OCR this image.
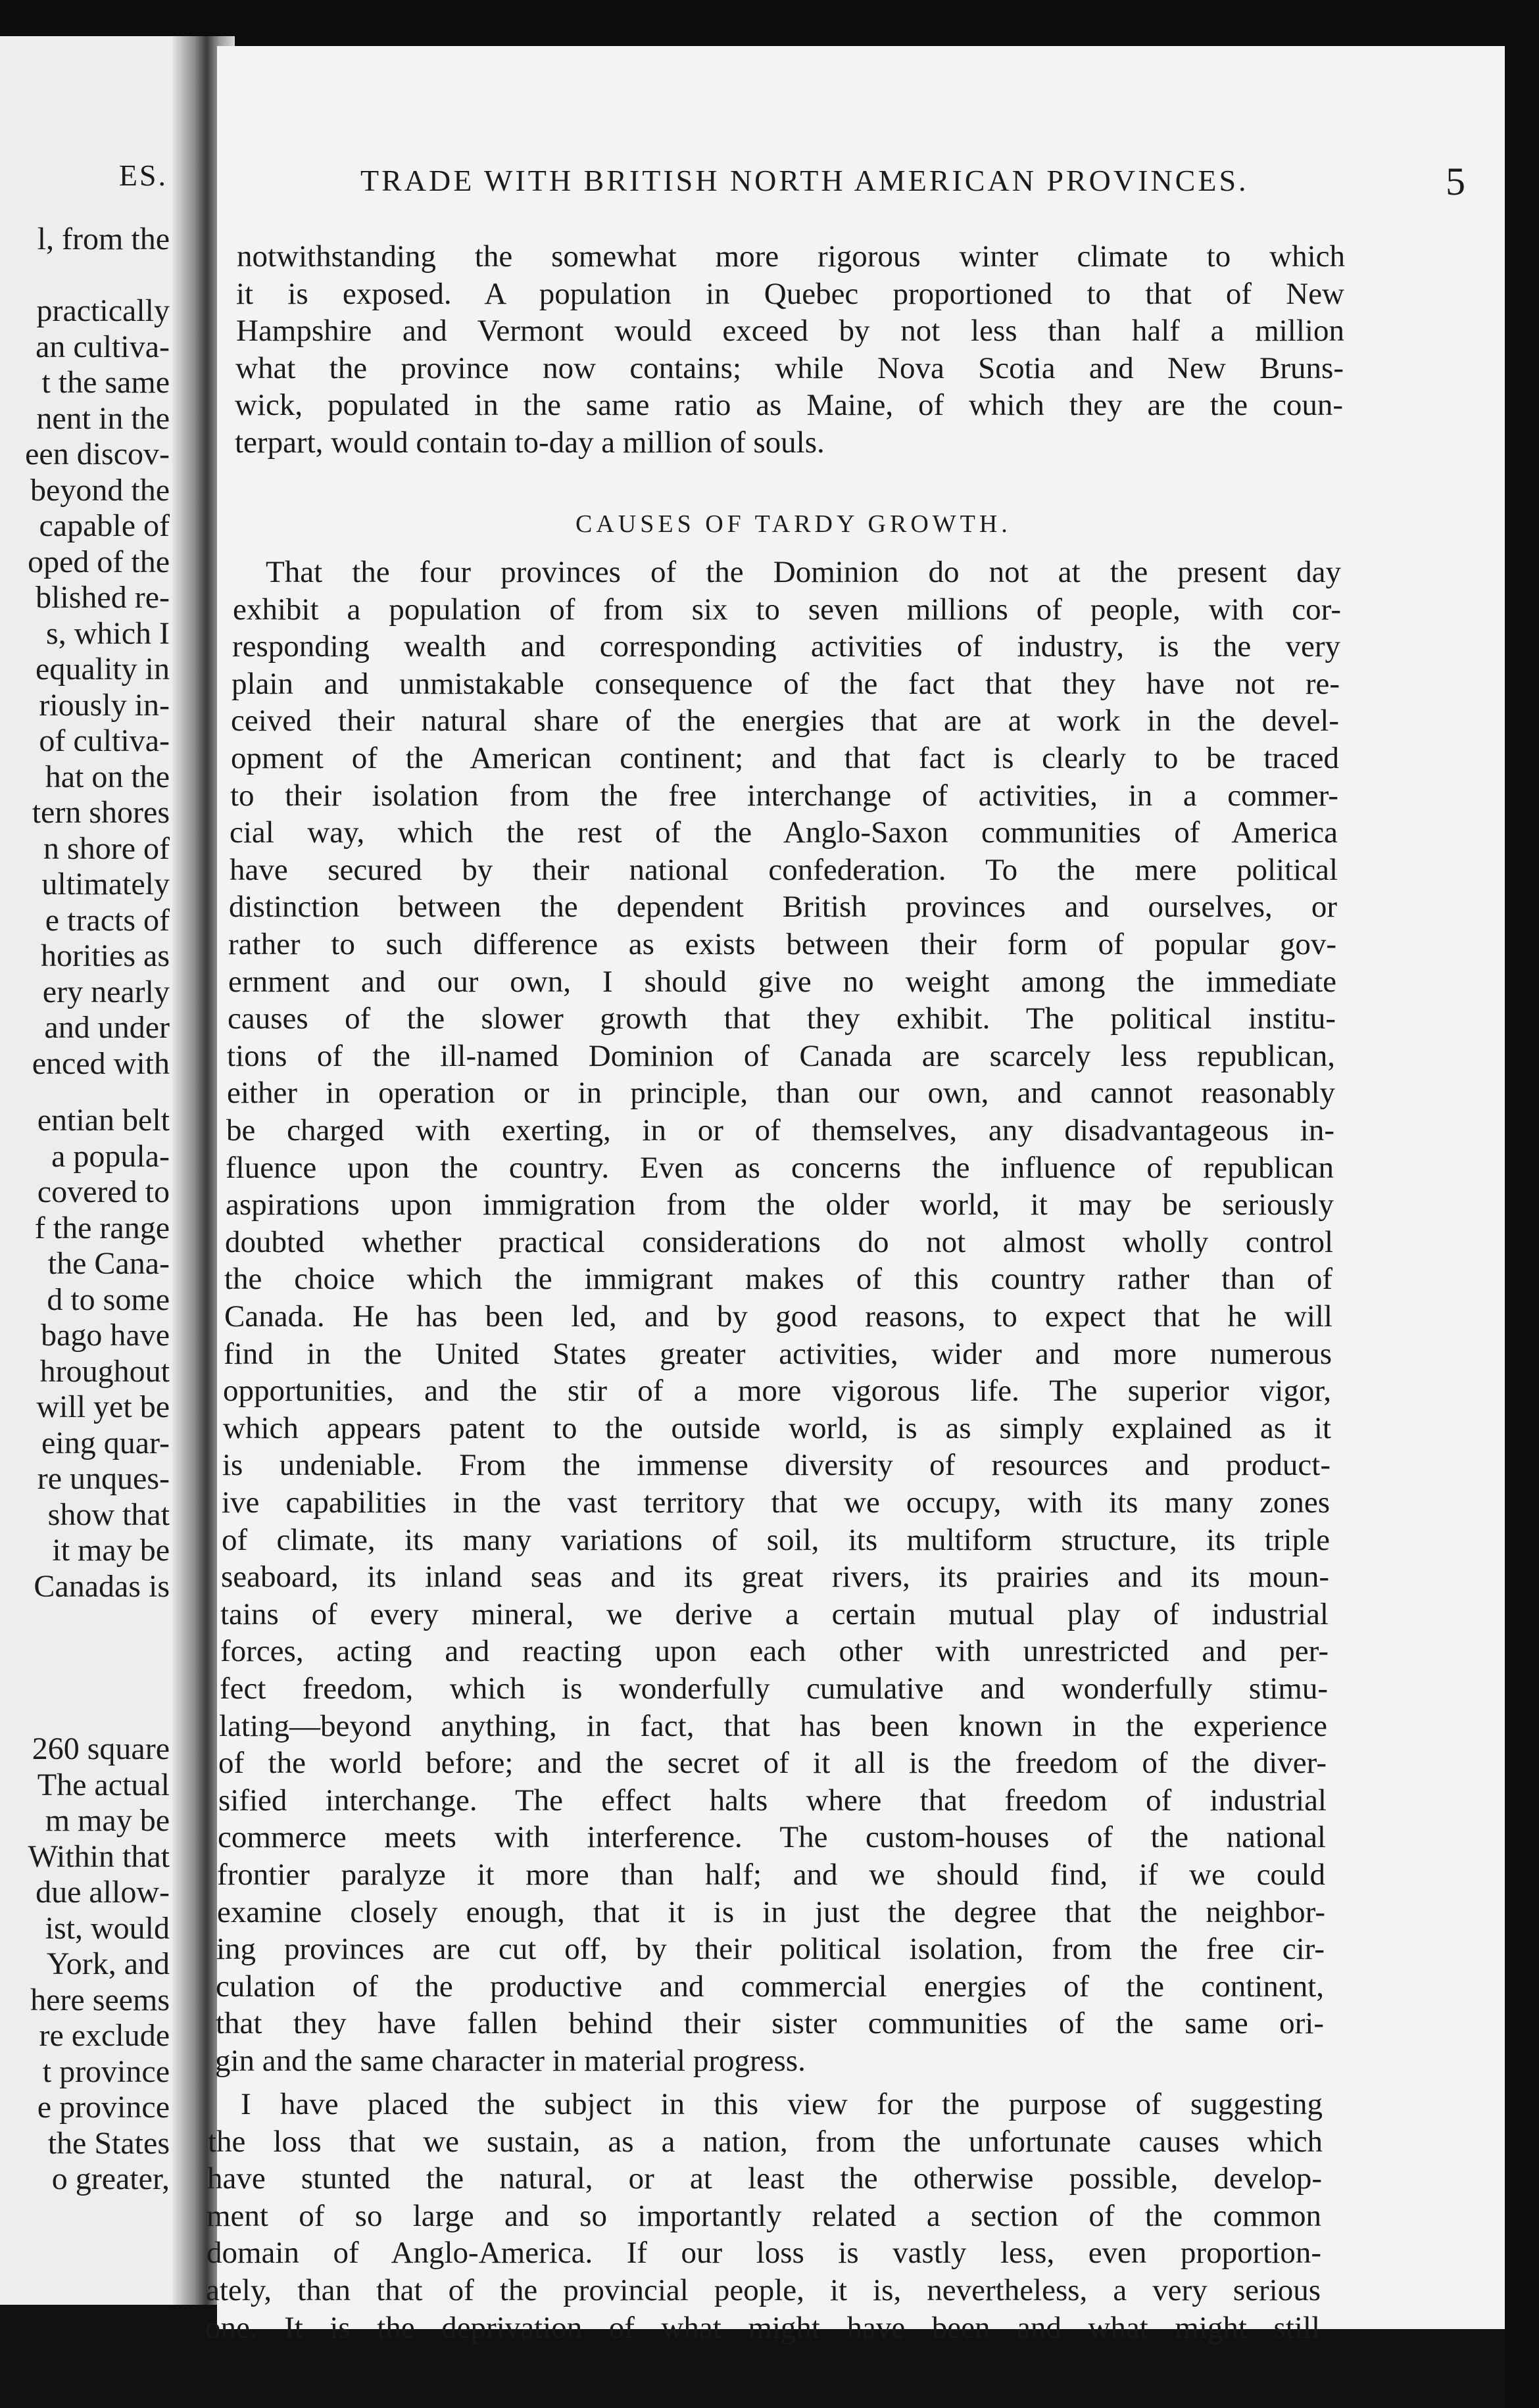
ES.
l, from the
practically
an cultiva-
t the same
nent in the
een discov-
beyond the
capable of
oped of the
blished re-
s, which I
equality in
riously in-
of cultiva-
hat on the
tern shores
n shore of
ultimately
e tracts of
horities as
ery nearly
and under
enced with
entian belt
a popula-
covered to
f the range
the Cana-
d to some
bago have
hroughout
will yet be
eing quar-
re unques-
show that
it may be
Canadas is
260 square
The actual
m may be
Within that
due allow-
ist, would
York, and
here seems
re exclude
t province
e province
the States
o greater,
TRADE WITH BRITISH NORTH AMERICAN PROVINCES.	5
CAUSES OF TARDY GROWTH.
notwithstanding the somewhat more rigorous winter climate to which
it is exposed. A population in Quebec proportioned to that of New
Hampshire and Vermont would exceed by not less than half a million
what the province now contains; while Nova Scotia and New Bruns-
wick, populated in the same ratio as Maine, of which they are the coun-
terpart, would contain to-day a million of souls.
That the four provinces of the Dominion do not at the present day
exhibit a population of from six to seven millions of people, with cor-
responding wealth and corresponding activities of industry, is the very
plain and unmistakable consequence of the fact that they have not re-
ceived their natural share of the energies that are at work in the devel-
opment of the American continent; and that fact is clearly to be traced
to their isolation from the free interchange of activities, in a commer-
cial way, which the rest of the Anglo-Saxon communities of America
have secured by their national confederation. To the mere political
distinction between the dependent British provinces and ourselves, or
rather to such difference as exists between their form of popular gov-
ernment and our own, I should give no weight among the immediate
causes of the slower growth that they exhibit. The political institu-
tions of the ill-named Dominion of Canada are scarcely less republican,
either in operation or in principle, than our own, and cannot reasonably
be charged with exerting, in or of themselves, any disadvantageous in-
fluence upon the country. Even as concerns the influence of republican
aspirations upon immigration from the older world, it may be seriously
doubted whether practical considerations do not almost wholly control
the choice which the immigrant makes of this country rather than of
Canada. He has been led, and by good reasons, to expect that he will
find in the United States greater activities, wider and more numerous
opportunities, and the stir of a more vigorous life. The superior vigor,
which appears patent to the outside world, is as simply explained as it
is undeniable. From the immense diversity of resources and product-
ive capabilities in the vast territory that we occupy, with its many zones
of climate, its many variations of soil, its multiform structure, its triple
seaboard, its inland seas and its great rivers, its prairies and its moun-
tains of every mineral, we derive a certain mutual play of industrial
forces, acting and reacting upon each other with unrestricted and per-
fect freedom, which is wonderfully cumulative and wonderfully stimu-
lating—beyond anything, in fact, that has been known in the experience
of the world before; and the secret of it all is the freedom of the diver-
sified interchange. The effect halts where that freedom of industrial
commerce meets with interference. The custom-houses of the national
frontier paralyze it more than half; and we should find, if we could
examine closely enough, that it is in just the degree that the neighbor-
ing provinces are cut off, by their political isolation, from the free cir-
culation of the productive and commercial energies of the continent,
that they have fallen behind their sister communities of the same ori-
gin and the same character in material progress.
I have placed the subject in this view for the purpose of suggesting
the loss that we sustain, as a nation, from the unfortunate causes which
have stunted the natural, or at least the otherwise possible, develop-
ment of so large and so importantly related a section of the common
domain of Anglo-America. If our loss is vastly less, even proportion-
ately, than that of the provincial people, it is, nevertheless, a very serious
one. It is the deprivation of what might have been and what might still
